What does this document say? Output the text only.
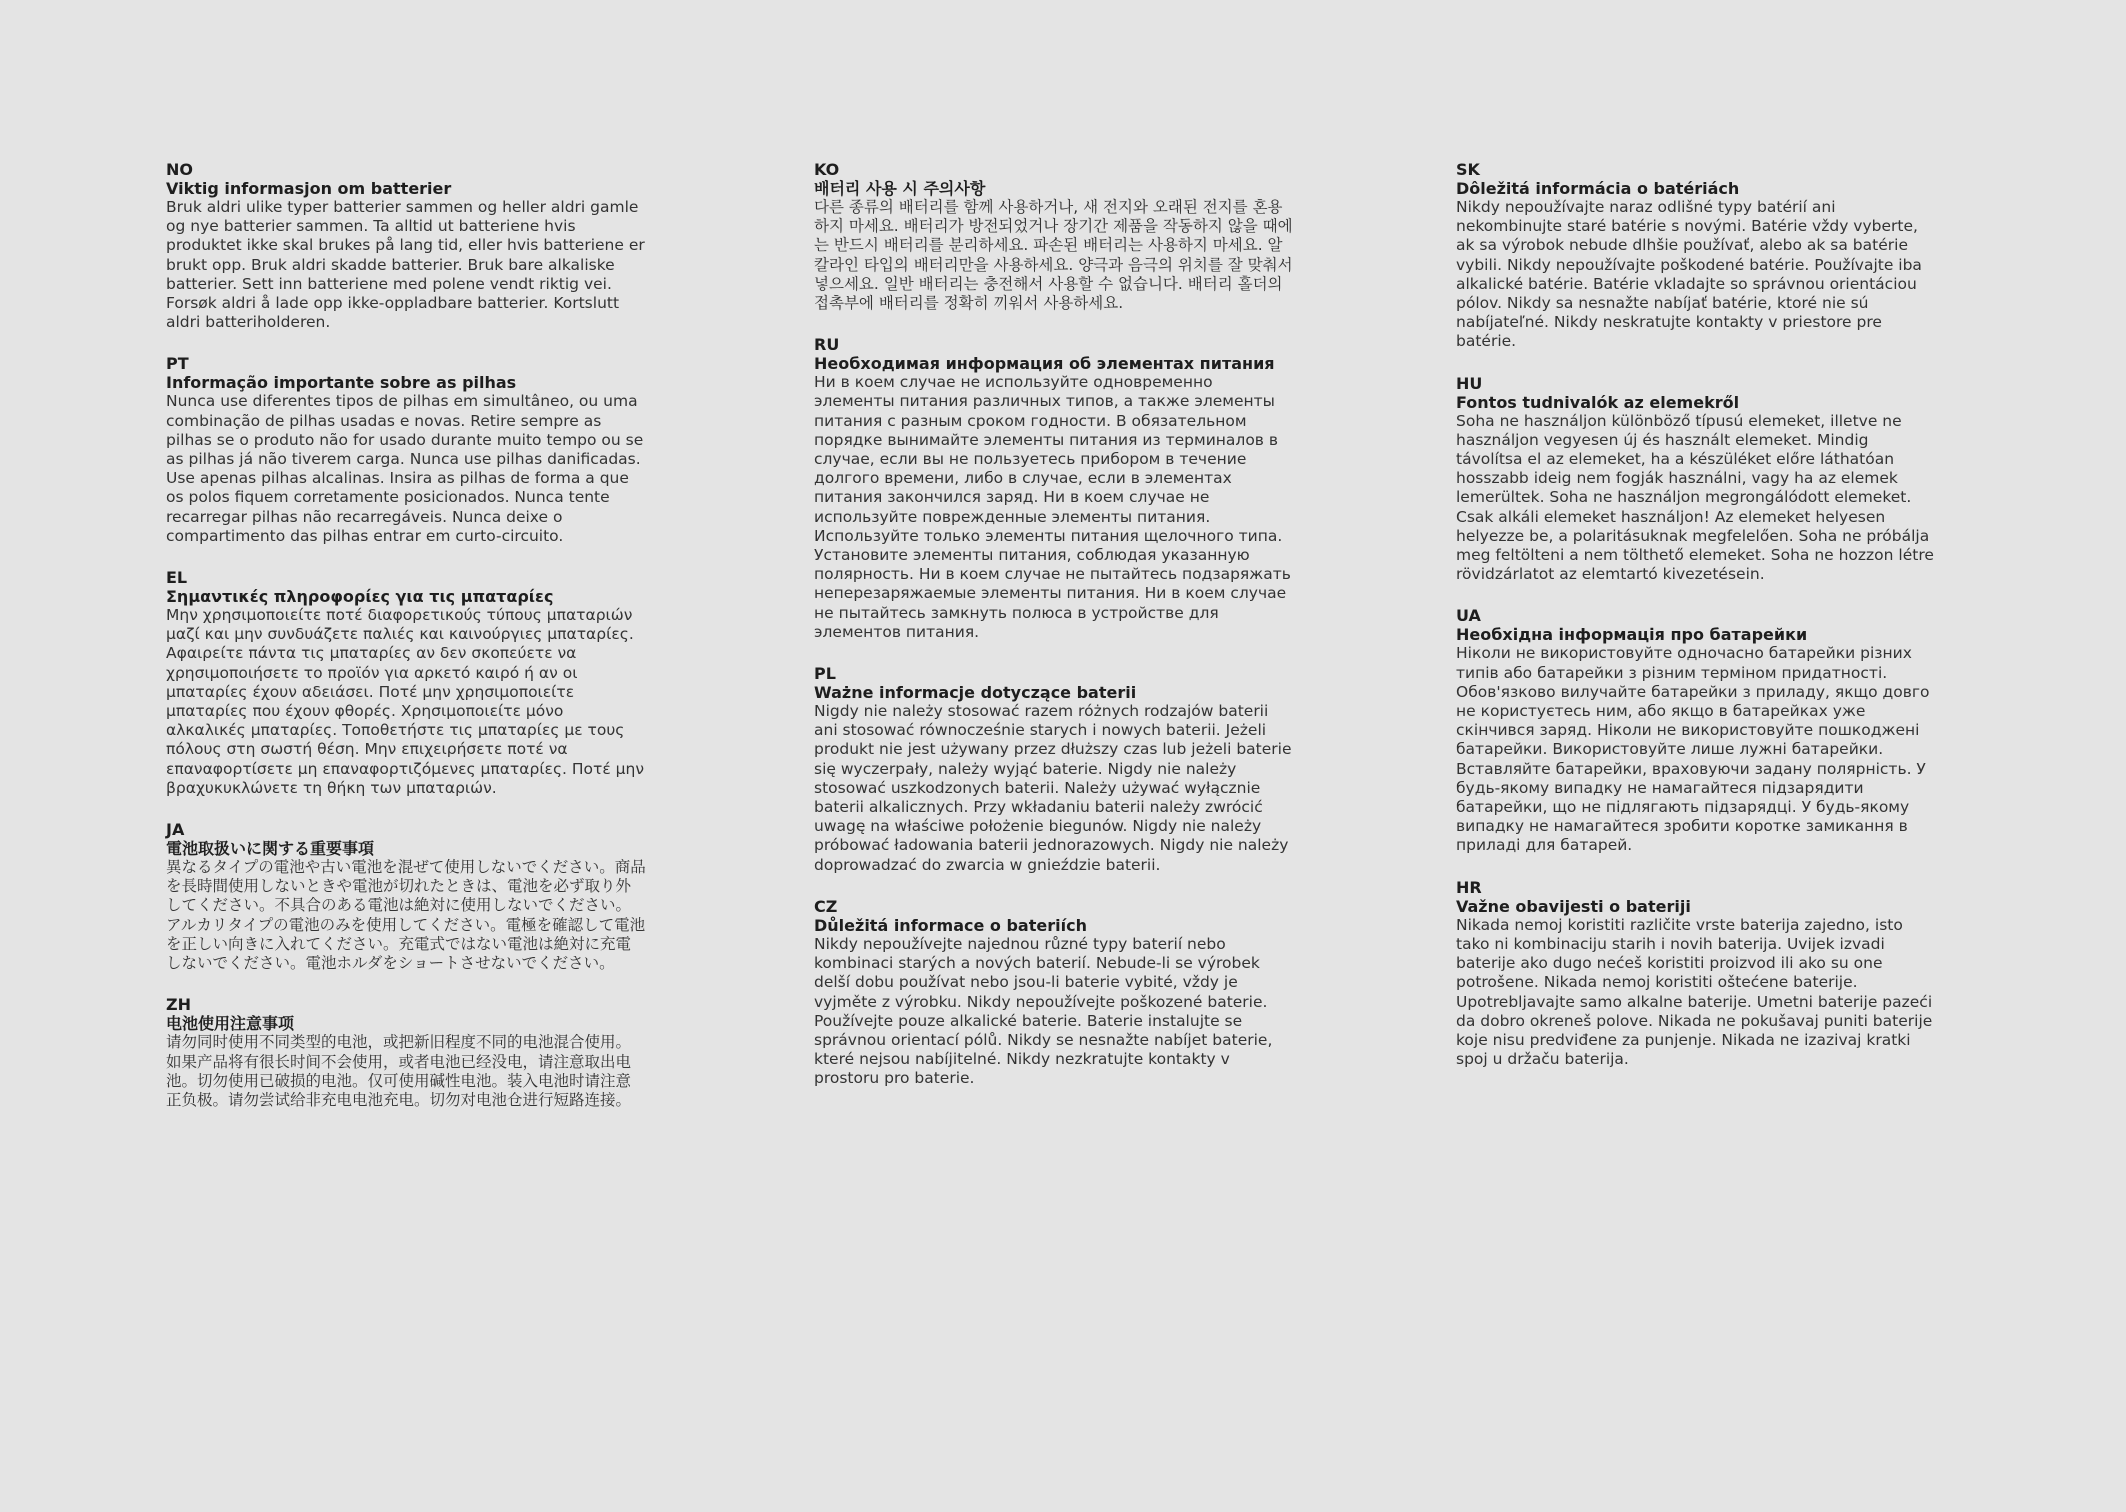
NO
Viktig informasjon om batterier
Bruk aldri ulike typer batterier sammen og heller aldri gamle og nye batterier sammen. Ta alltid ut batteriene hvis produktet ikke skal brukes på lang tid, eller hvis batteriene er brukt opp. Bruk aldri skadde batterier. Bruk bare alkaliske batterier. Sett inn batteriene med polene vendt riktig vei. Forsøk aldri å lade opp ikke-oppladbare batterier. Kortslutt aldri batteriholderen.
PT
Informação importante sobre as pilhas
Nunca use diferentes tipos de pilhas em simultâneo, ou uma combinação de pilhas usadas e novas. Retire sempre as pilhas se o produto não for usado durante muito tempo ou se as pilhas já não tiverem carga. Nunca use pilhas danificadas. Use apenas pilhas alcalinas. Insira as pilhas de forma a que os polos fiquem corretamente posicionados. Nunca tente recarregar pilhas não recarregáveis. Nunca deixe o compartimento das pilhas entrar em curto-circuito.
EL
Σημαντικές πληροφορίες για τις μπαταρίες
Μην χρησιμοποιείτε ποτέ διαφορετικούς τύπους μπαταριών μαζί και μην συνδυάζετε παλιές και καινούργιες μπαταρίες. Αφαιρείτε πάντα τις μπαταρίες αν δεν σκοπεύετε να χρησιμοποιήσετε το προϊόν για αρκετό καιρό ή αν οι μπαταρίες έχουν αδειάσει. Ποτέ μην χρησιμοποιείτε μπαταρίες που έχουν φθορές. Χρησιμοποιείτε μόνο αλκαλικές μπαταρίες. Τοποθετήστε τις μπαταρίες με τους πόλους στη σωστή θέση. Μην επιχειρήσετε ποτέ να επαναφορτίσετε μη επαναφορτιζόμενες μπαταρίες. Ποτέ μην βραχυκυκλώνετε τη θήκη των μπαταριών.
JA
電池取扱いに関する重要事項
異なるタイプの電池や古い電池を混ぜて使用しないでください。商品を長時間使用しないときや電池が切れたときは、電池を必ず取り外してください。不具合のある電池は絶対に使用しないでください。アルカリタイプの電池のみを使用してください。電極を確認して電池を正しい向きに入れてください。充電式ではない電池は絶対に充電しないでください。電池ホルダをショートさせないでください。
ZH
电池使用注意事项
请勿同时使用不同类型的电池，或把新旧程度不同的电池混合使用。如果产品将有很长时间不会使用，或者电池已经没电，请注意取出电池。切勿使用已破损的电池。仅可使用碱性电池。装入电池时请注意正负极。请勿尝试给非充电电池充电。切勿对电池仓进行短路连接。
KO
배터리 사용 시 주의사항
다른 종류의 배터리를 함께 사용하거나, 새 전지와 오래된 전지를 혼용하지 마세요. 배터리가 방전되었거나 장기간 제품을 작동하지 않을 때에는 반드시 배터리를 분리하세요. 파손된 배터리는 사용하지 마세요. 알칼라인 타입의 배터리만을 사용하세요. 양극과 음극의 위치를 잘 맞춰서 넣으세요. 일반 배터리는 충전해서 사용할 수 없습니다. 배터리 홀더의 접촉부에 배터리를 정확히 끼워서 사용하세요.
RU
Необходимая информация об элементах питания
Ни в коем случае не используйте одновременно элементы питания различных типов, а также элементы питания с разным сроком годности. В обязательном порядке вынимайте элементы питания из терминалов в случае, если вы не пользуетесь прибором в течение долгого времени, либо в случае, если в элементах питания закончился заряд. Ни в коем случае не используйте поврежденные элементы питания. Используйте только элементы питания щелочного типа. Установите элементы питания, соблюдая указанную полярность. Ни в коем случае не пытайтесь подзаряжать неперезаряжаемые элементы питания. Ни в коем случае не пытайтесь замкнуть полюса в устройстве для элементов питания.
PL
Ważne informacje dotyczące baterii
Nigdy nie należy stosować razem różnych rodzajów baterii ani stosować równocześnie starych i nowych baterii. Jeżeli produkt nie jest używany przez dłuższy czas lub jeżeli baterie się wyczerpały, należy wyjąć baterie. Nigdy nie należy stosować uszkodzonych baterii. Należy używać wyłącznie baterii alkalicznych. Przy wkładaniu baterii należy zwrócić uwagę na właściwe położenie biegunów. Nigdy nie należy próbować ładowania baterii jednorazowych. Nigdy nie należy doprowadzać do zwarcia w gnieździe baterii.
CZ
Důležitá informace o bateriích
Nikdy nepoužívejte najednou různé typy baterií nebo kombinaci starých a nových baterií. Nebude-li se výrobek delší dobu používat nebo jsou-li baterie vybité, vždy je vyjměte z výrobku. Nikdy nepoužívejte poškozené baterie. Používejte pouze alkalické baterie. Baterie instalujte se správnou orientací pólů. Nikdy se nesnažte nabíjet baterie, které nejsou nabíjitelné. Nikdy nezkratujte kontakty v prostoru pro baterie.
SK
Dôležitá informácia o batériách
Nikdy nepoužívajte naraz odlišné typy batérií ani nekombinujte staré batérie s novými. Batérie vždy vyberte, ak sa výrobok nebude dlhšie používať, alebo ak sa batérie vybili. Nikdy nepoužívajte poškodené batérie. Používajte iba alkalické batérie. Batérie vkladajte so správnou orientáciou pólov. Nikdy sa nesnažte nabíjať batérie, ktoré nie sú nabíjateľné. Nikdy neskratujte kontakty v priestore pre batérie.
HU
Fontos tudnivalók az elemekről
Soha ne használjon különböző típusú elemeket, illetve ne használjon vegyesen új és használt elemeket. Mindig távolítsa el az elemeket, ha a készüléket előre láthatóan hosszabb ideig nem fogják használni, vagy ha az elemek lemerültek. Soha ne használjon megrongálódott elemeket. Csak alkáli elemeket használjon! Az elemeket helyesen helyezze be, a polaritásuknak megfelelően. Soha ne próbálja meg feltölteni a nem tölthető elemeket. Soha ne hozzon létre rövidzárlatot az elemtartó kivezetésein.
UA
Необхідна інформація про батарейки
Ніколи не використовуйте одночасно батарейки різних типів або батарейки з різним терміном придатності. Обов'язково вилучайте батарейки з приладу, якщо довго не користуєтесь ним, або якщо в батарейках уже скінчився заряд. Ніколи не використовуйте пошкоджені батарейки. Використовуйте лише лужні батарейки. Вставляйте батарейки, враховуючи задану полярність. У будь-якому випадку не намагайтеся підзарядити батарейки, що не підлягають підзарядці. У будь-якому випадку не намагайтеся зробити коротке замикання в приладі для батарей.
HR
Važne obavijesti o bateriji
Nikada nemoj koristiti različite vrste baterija zajedno, isto tako ni kombinaciju starih i novih baterija. Uvijek izvadi baterije ako dugo nećeš koristiti proizvod ili ako su one potrošene. Nikada nemoj koristiti oštećene baterije. Upotrebljavajte samo alkalne baterije. Umetni baterije pazeći da dobro okreneš polove. Nikada ne pokušavaj puniti baterije koje nisu predviđene za punjenje. Nikada ne izazivaj kratki spoj u držaču baterija.
